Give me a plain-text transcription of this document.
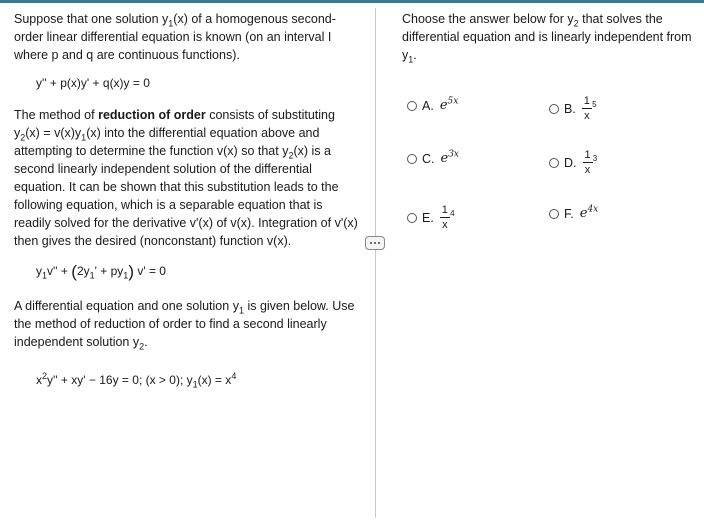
Suppose that one solution $y_1(x)$ of a homogenous second-order linear differential equation is known (on an interval I where p and q are continuous functions).

y'' + p(x)y' + q(x)y = 0

The method of reduction of order consists of substituting $y_2(x) = v(x)y_1(x)$ into the differential equation above and attempting to determine the function v(x) so that $y_2(x)$ is a second linearly independent solution of the differential equation. It can be shown that this substitution leads to the following equation, which is a separable equation that is readily solved for the derivative v'(x) of v(x). Integration of v'(x) then gives the desired (nonconstant) function v(x).

$y_1v'' + (2y_1' + py_1) v' = 0$

A differential equation and one solution $y_1$ is given below. Use the method of reduction of order to find a second linearly independent solution $y_2$.

$x^2y'' + xy' - 16y = 0$; (x > 0); $y_1(x) = x^4$

Choose the answer below for $y_2$ that solves the differential equation and is linearly independent from $y_1$.

A. $e^{5x}$	B. 1
x
5
C. $e^{3x}$
D. 1
x
3
E. 1
x
4	F. $e^{4x}$
